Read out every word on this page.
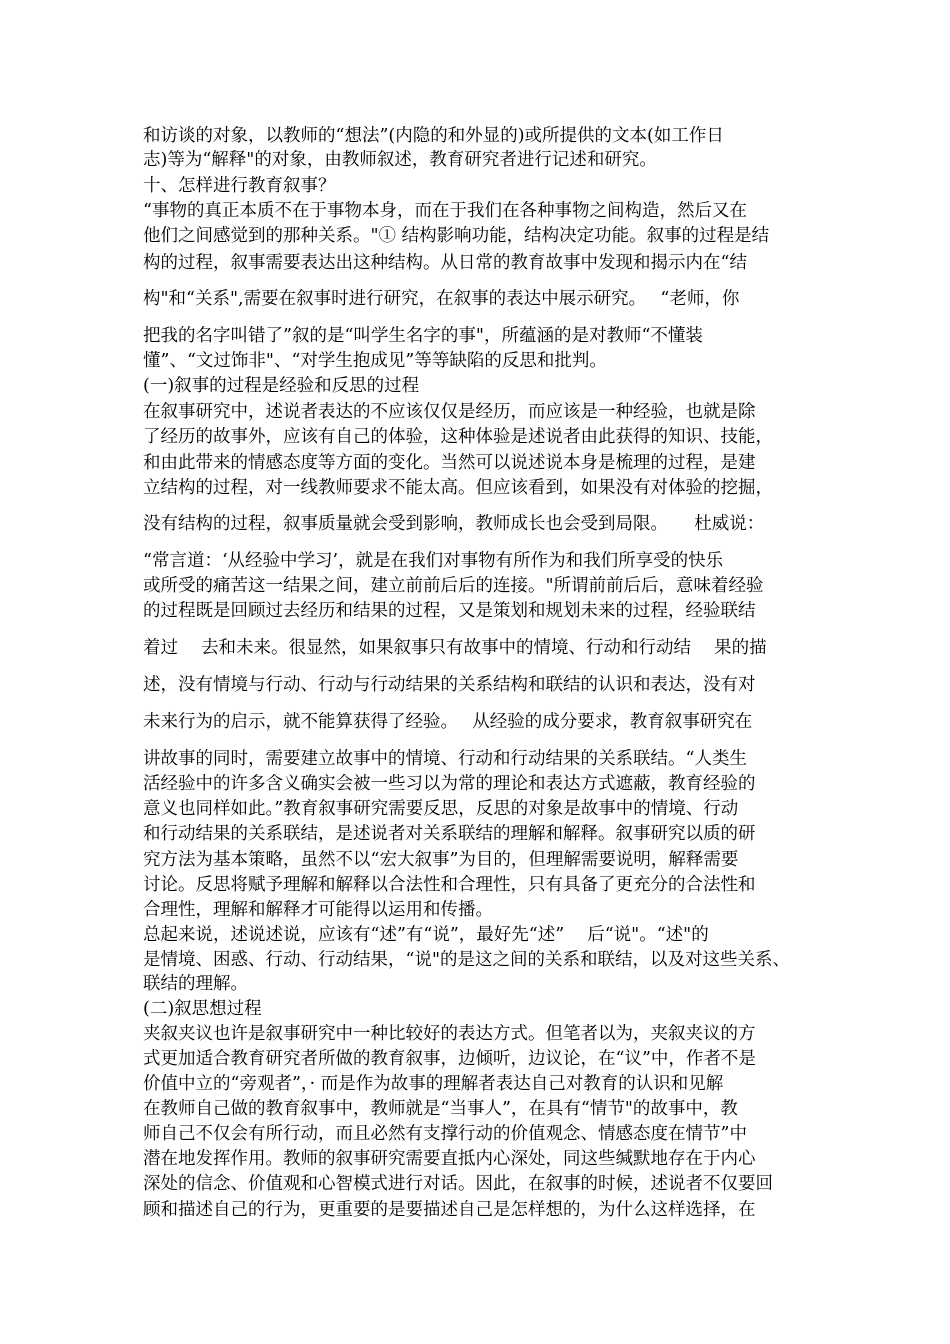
和访谈的对象，以教师的“想法”(内隐的和外显的)或所提供的文本(如工作日

志)等为“解释"的对象，由教师叙述，教育研究者进行记述和研究。

十、怎样进行教育叙事？

“事物的真正本质不在于事物本身，而在于我们在各种事物之间构造，然后又在

他们之间感觉到的那种关系。"① 结构影响功能，结构决定功能。叙事的过程是结

构的过程，叙事需要表达出这种结构。从日常的教育故事中发现和揭示内在“结

构"和“关系",需要在叙事时进行研究，在叙事的表达中展示研究。　 “老师，你

把我的名字叫错了”叙的是“叫学生名字的事"，所蕴涵的是对教师“不懂装

懂”、“文过饰非"、“对学生抱成见”等等缺陷的反思和批判。

(一)叙事的过程是经验和反思的过程

在叙事研究中，述说者表达的不应该仅仅是经历，而应该是一种经验，也就是除

了经历的故事外，应该有自己的体验，这种体验是述说者由此获得的知识、技能，

和由此带来的情感态度等方面的变化。当然可以说述说本身是梳理的过程，是建

立结构的过程，对一线教师要求不能太高。但应该看到，如果没有对体验的挖掘，

没有结构的过程，叙事质量就会受到影响，教师成长也会受到局限。　　杜威说：

“常言道：‘从经验中学习’，就是在我们对事物有所作为和我们所享受的快乐

或所受的痛苦这一结果之间，建立前前后后的连接。"所谓前前后后，意味着经验

的过程既是回顾过去经历和结果的过程，又是策划和规划未来的过程，经验联结

着过　 去和未来。很显然，如果叙事只有故事中的情境、行动和行动结　 果的描

述，没有情境与行动、行动与行动结果的关系结构和联结的认识和表达，没有对

未来行为的启示，就不能算获得了经验。　 从经验的成分要求，教育叙事研究在

讲故事的同时，需要建立故事中的情境、行动和行动结果的关系联结。“人类生

活经验中的许多含义确实会被一些习以为常的理论和表达方式遮蔽，教育经验的

意义也同样如此。”教育叙事研究需要反思，反思的对象是故事中的情境、行动

和行动结果的关系联结，是述说者对关系联结的理解和解释。叙事研究以质的研

究方法为基本策略，虽然不以“宏大叙事”为目的，但理解需要说明，解释需要

讨论。反思将赋予理解和解释以合法性和合理性，只有具备了更充分的合法性和

合理性，理解和解释才可能得以运用和传播。

总起来说，述说述说，应该有“述”有“说”，最好先“述”　 后“说"。“述"的

是情境、困惑、行动、行动结果，“说"的是这之间的关系和联结，以及对这些关系、

联结的理解。

(二)叙思想过程

夹叙夹议也许是叙事研究中一种比较好的表达方式。但笔者以为，夹叙夹议的方

式更加适合教育研究者所做的教育叙事，边倾听，边议论，在“议”中，作者不是

价值中立的“旁观者”，· 而是作为故事的理解者表达自己对教育的认识和见解

在教师自己做的教育叙事中，教师就是“当事人”，在具有“情节"的故事中，教

师自己不仅会有所行动，而且必然有支撑行动的价值观念、情感态度在情节”中

潜在地发挥作用。教师的叙事研究需要直抵内心深处，同这些缄默地存在于内心

深处的信念、价值观和心智模式进行对话。因此，在叙事的时候，述说者不仅要回

顾和描述自己的行为，更重要的是要描述自己是怎样想的，为什么这样选择，在
